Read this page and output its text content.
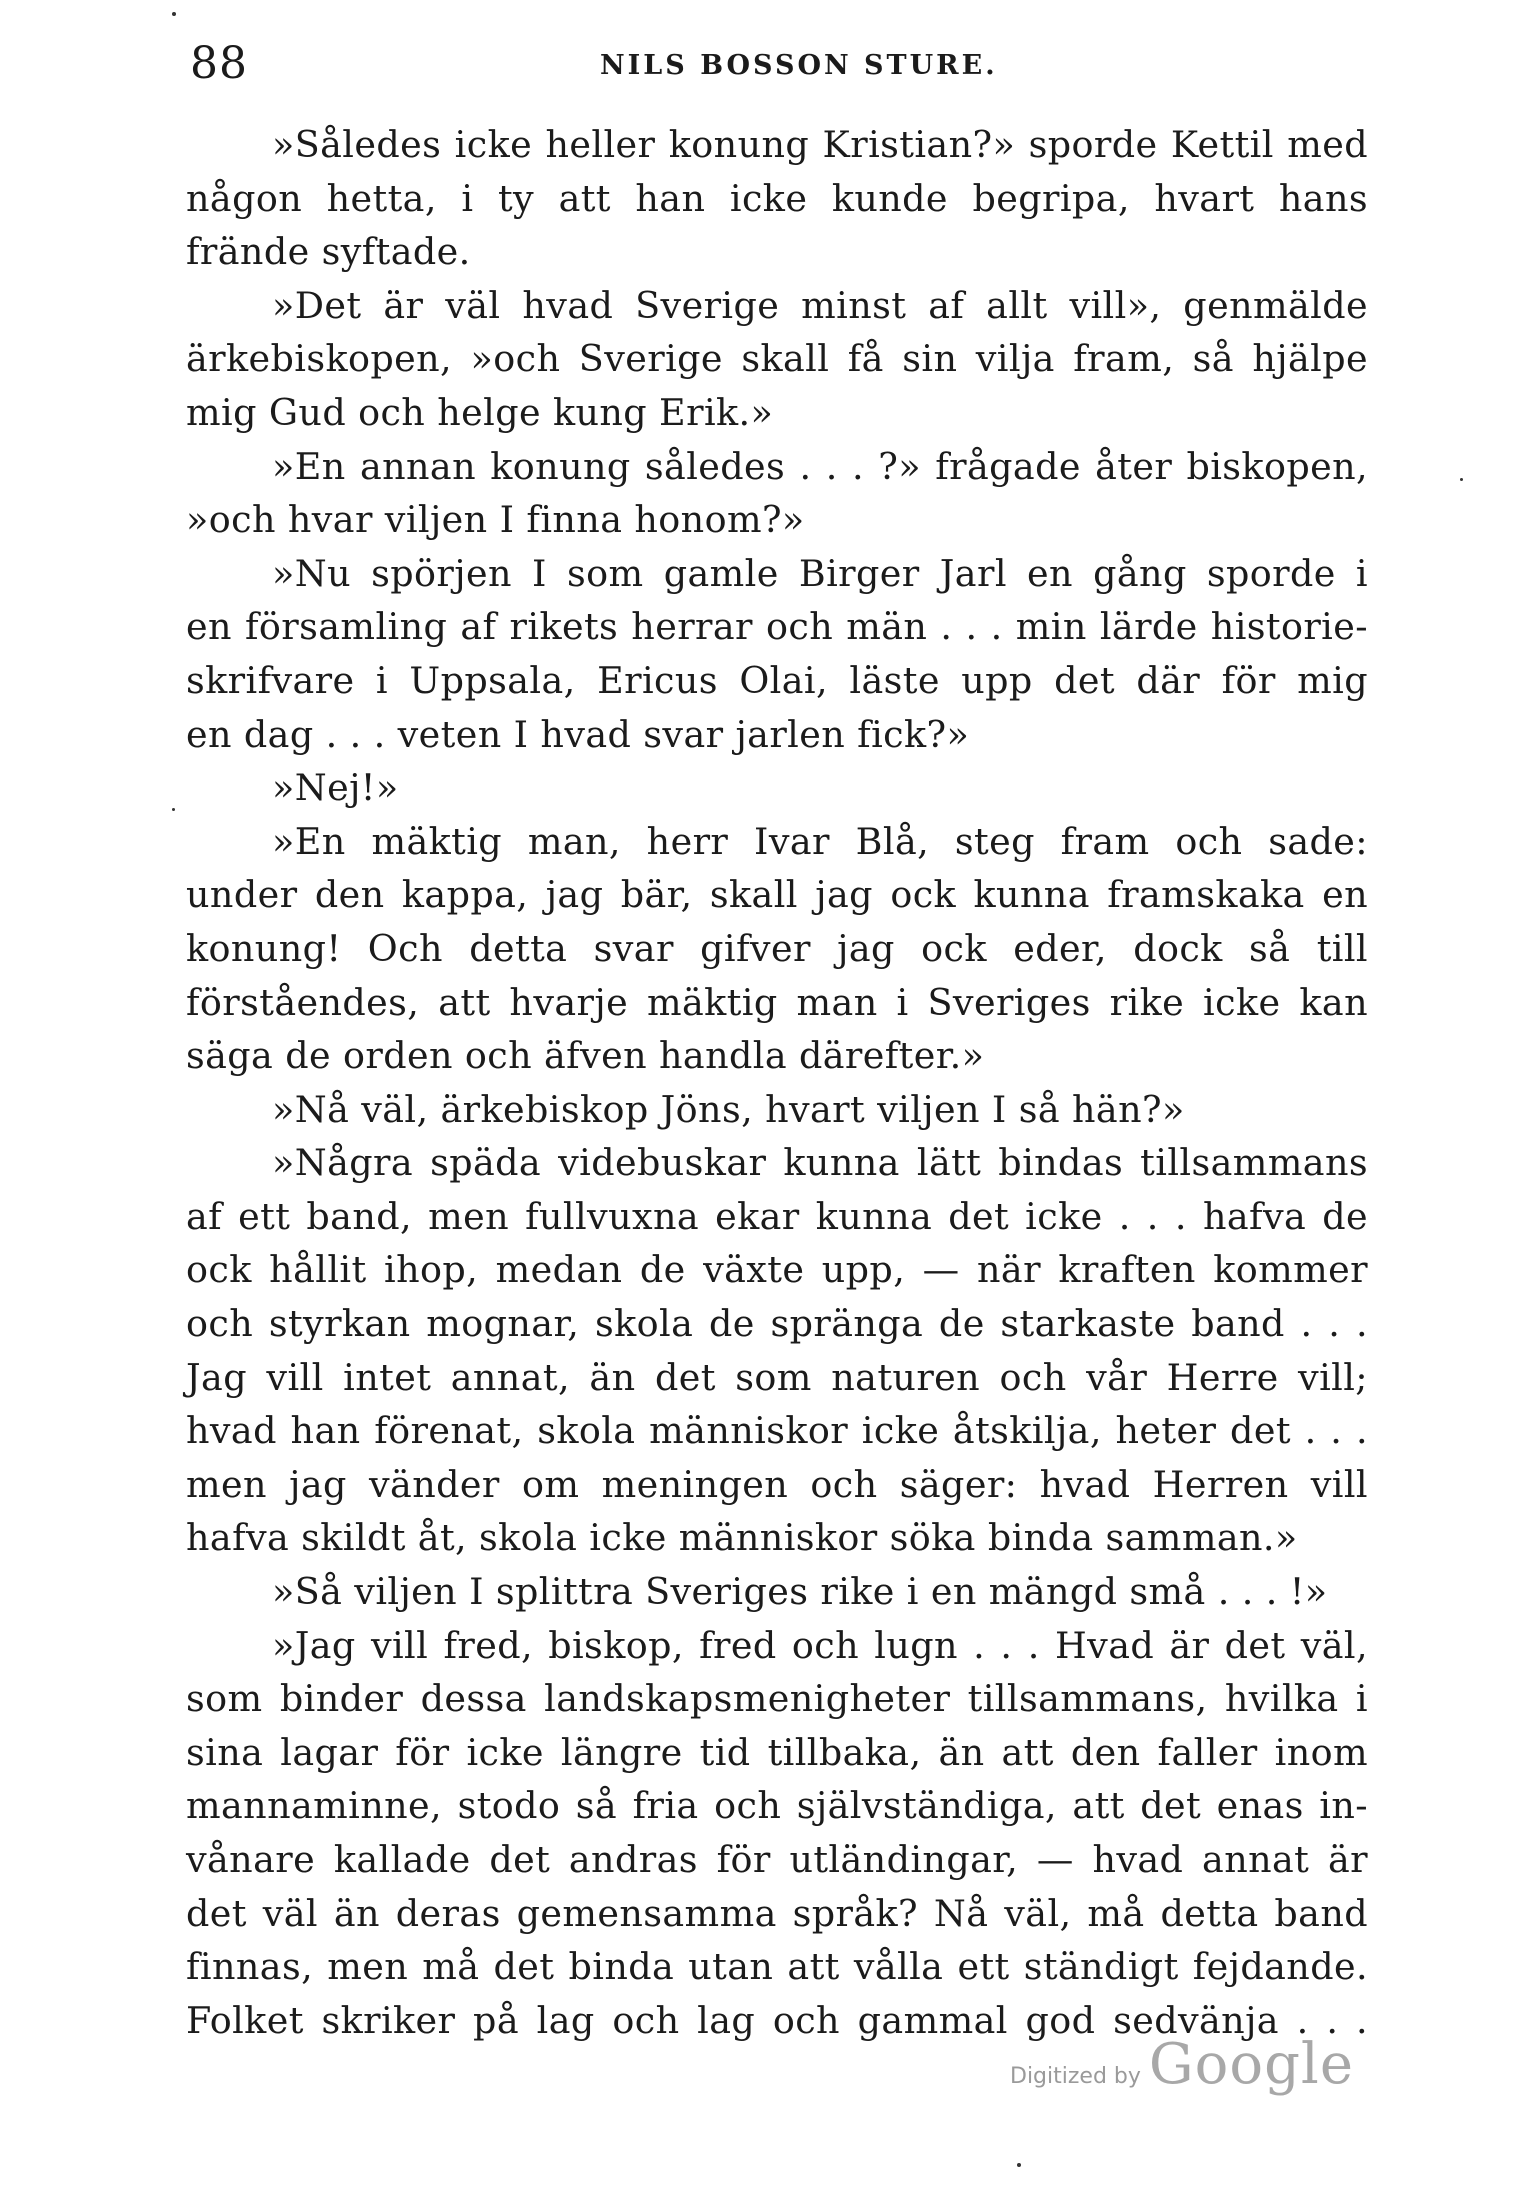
88	NILS BOSSON STURE.
»Således icke heller konung Kristian?» sporde Kettil med
någon hetta, i ty att han icke kunde begripa, hvart hans
frände syftade.
»Det är väl hvad Sverige minst af allt vill», genmälde
ärkebiskopen, »och Sverige skall få sin vilja fram, så hjälpe
mig Gud och helge kung Erik.»
»En annan konung således . . . ?» frågade åter biskopen,
»och hvar viljen I finna honom?»
»Nu spörjen I som gamle Birger Jarl en gång sporde i
en församling af rikets herrar och män . . . min lärde historie-
skrifvare i Uppsala, Ericus Olai, läste upp det där för mig
en dag . . . veten I hvad svar jarlen fick?»
»Nej!»
»En mäktig man, herr Ivar Blå, steg fram och sade:
under den kappa, jag bär, skall jag ock kunna framskaka en
konung! Och detta svar gifver jag ock eder, dock så till
förståendes, att hvarje mäktig man i Sveriges rike icke kan
säga de orden och äfven handla därefter.»
»Nå väl, ärkebiskop Jöns, hvart viljen I så hän?»
»Några späda videbuskar kunna lätt bindas tillsammans
af ett band, men fullvuxna ekar kunna det icke . . . hafva de
ock hållit ihop, medan de växte upp, — när kraften kommer
och styrkan mognar, skola de spränga de starkaste band . . .
Jag vill intet annat, än det som naturen och vår Herre vill;
hvad han förenat, skola människor icke åtskilja, heter det . . .
men jag vänder om meningen och säger: hvad Herren vill
hafva skildt åt, skola icke människor söka binda samman.»
»Så viljen I splittra Sveriges rike i en mängd små . . . !»
»Jag vill fred, biskop, fred och lugn . . . Hvad är det väl,
som binder dessa landskapsmenigheter tillsammans, hvilka i
sina lagar för icke längre tid tillbaka, än att den faller inom
mannaminne, stodo så fria och självständiga, att det enas in-
vånare kallade det andras för utländingar, — hvad annat är
det väl än deras gemensamma språk? Nå väl, må detta band
finnas, men må det binda utan att vålla ett ständigt fejdande.
Folket skriker på lag och lag och gammal god sedvänja . . .
Digitized by Google
